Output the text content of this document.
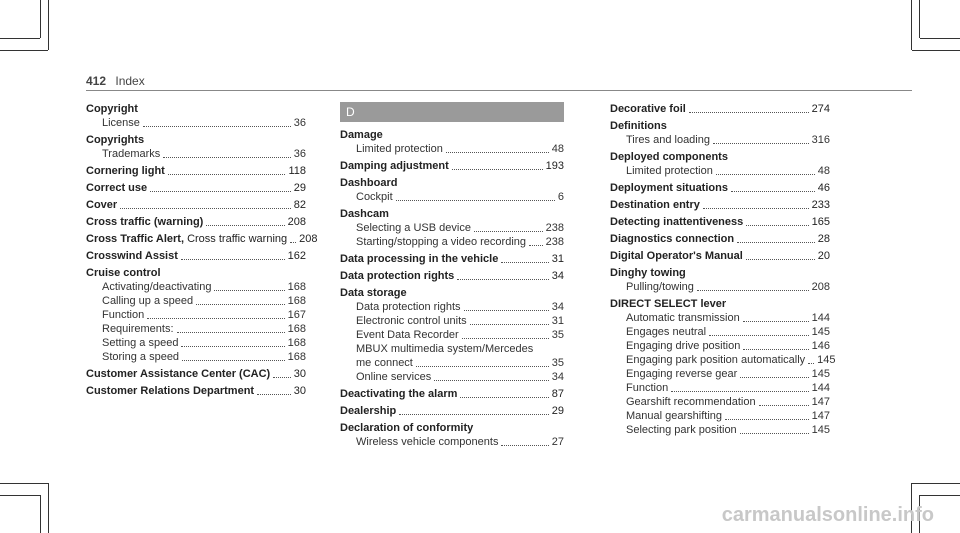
412 Index
Copyright
License	36
Copyrights
Trademarks	36
Cornering light	118
Correct use	29
Cover	82
Cross traffic (warning)	208
Cross Traffic Alert, Cross traffic warning 208
Crosswind Assist	162
Cruise control
Activating/deactivating	168
Calling up a speed	168
Function	167
Requirements:	168
Setting a speed	168
Storing a speed	168
Customer Assistance Center (CAC) 30
Customer Relations Department	30
D
Damage
Limited protection	48
Damping adjustment	193
Dashboard
Cockpit	6
Dashcam
Selecting a USB device	238
Starting/stopping a video recording 238
Data processing in the vehicle	31
Data protection rights	34
Data storage
Data protection rights	34
Electronic control units	31
Event Data Recorder	35
MBUX multimedia system/Mercedes
me connect	35
Online services	34
Deactivating the alarm	87
Dealership	29
Declaration of conformity
Wireless vehicle components	27
Decorative foil	274
Definitions
Tires and loading	316
Deployed components
Limited protection	48
Deployment situations	46
Destination entry	233
Detecting inattentiveness	165
Diagnostics connection	28
Digital Operator's Manual	20
Dinghy towing
Pulling/towing	208
DIRECT SELECT lever
Automatic transmission	144
Engages neutral	145
Engaging drive position	146
Engaging park position automatically 145
Engaging reverse gear	145
Function	144
Gearshift recommendation	147
Manual gearshifting	147
Selecting park position	145
carmanualsonline.info
